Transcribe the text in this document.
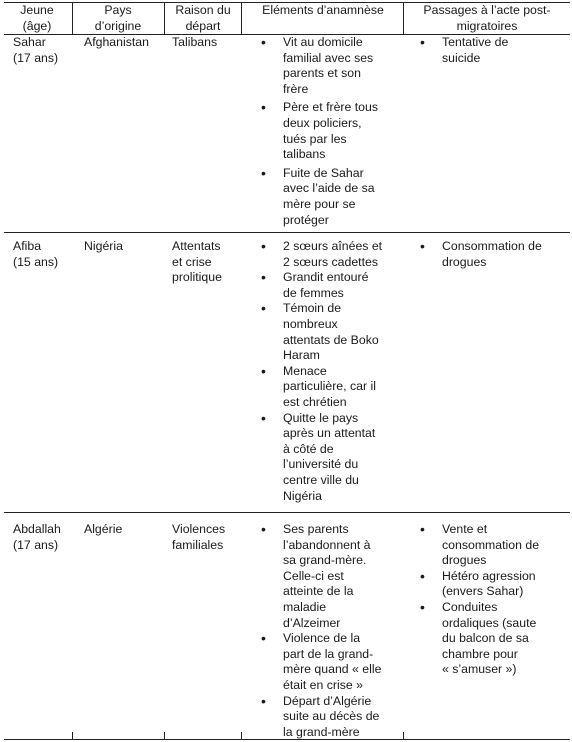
Jeune
(âge)
Pays
d’origine
Raison du
départ
Eléments d’anamnèse	Passages à l’acte post-
migratoires
Sahar
(17 ans)
Afghanistan	Talibans
•	Vit au domicile
familial avec ses
parents et son
frère
• Père et frère tous
deux policiers,
tués par les
talibans
• Fuite de Sahar
avec l’aide de sa
mère pour se
protéger
• Tentative de
suicide
Afiba
(15 ans)
Nigéria	Attentats
et crise
prolitique
• 2 sœurs aînées et
2 sœurs cadettes
• Grandit entouré
de femmes
• Témoin de
nombreux
attentats de Boko
Haram
• Menace
particulière, car il
est chrétien
• Quitte le pays
après un attentat
à côté de
l’université du
centre ville du
Nigéria
• Consommation de
drogues
Abdallah
(17 ans)
Algérie	Violences
familiales
• Ses parents
l’abandonnent à
sa grand-mère.
Celle-ci est
atteinte de la
maladie
d’Alzeimer
• Violence de la
part de la grand-
mère quand « elle
était en crise »
• Départ d’Algérie
suite au décès de
la grand-mère
• Vente et
consommation de
drogues
• Hétéro agression
(envers Sahar)
• Conduites
ordaliques (saute
du balcon de sa
chambre pour
« s’amuser »)
